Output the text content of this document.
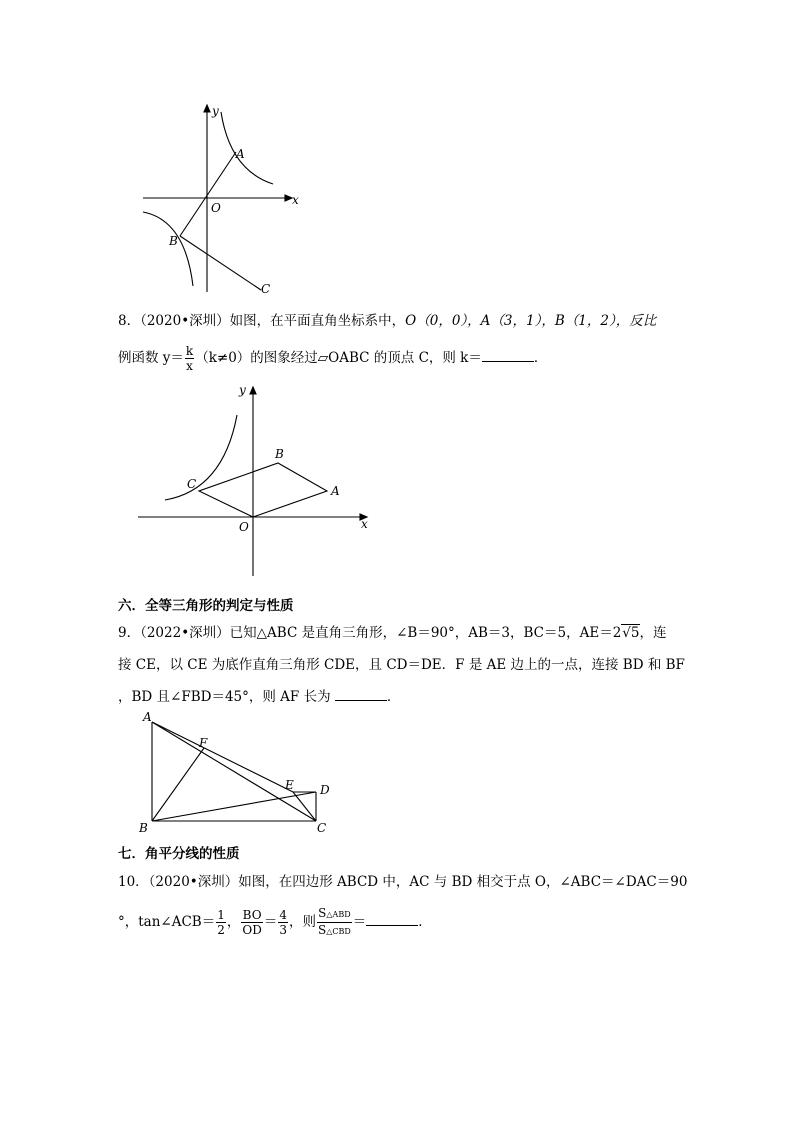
y
x
O
A
B
C
8．（2020•深圳）如图，在平面直角坐标系中，O（0，0），A（3，1），B（1，2），反比
例函数 $y= \frac{k}{x} (k\ne 0)$的图象经过▱OABC 的顶点 C，则 k＝	．
y
x
O
A
B
C
六．全等三角形的判定与性质
9．（2022•深圳）已知△ABC 是直角三角形，∠B＝90°，AB＝3，BC＝5，AE＝2√5，连
接 CE，以 CE 为底作直角三角形 CDE，且 CD＝DE．F 是 AE 边上的一点，连接 BD 和 BF
，BD 且∠FBD＝45°，则 AF 长为	．
A
B	C
D
E
F
七．角平分线的性质
10．（2020•深圳）如图，在四边形 ABCD 中，AC 与 BD 相交于点 O，∠ABC＝∠DAC＝90
°，tan∠ACB＝ $\frac{1}{2}$ ， $\frac{BO}{OD} = \frac{4}{3}$ ，则 $\frac{\text{S△ABD}}{\text{S△CBD}}$ ＝	．
